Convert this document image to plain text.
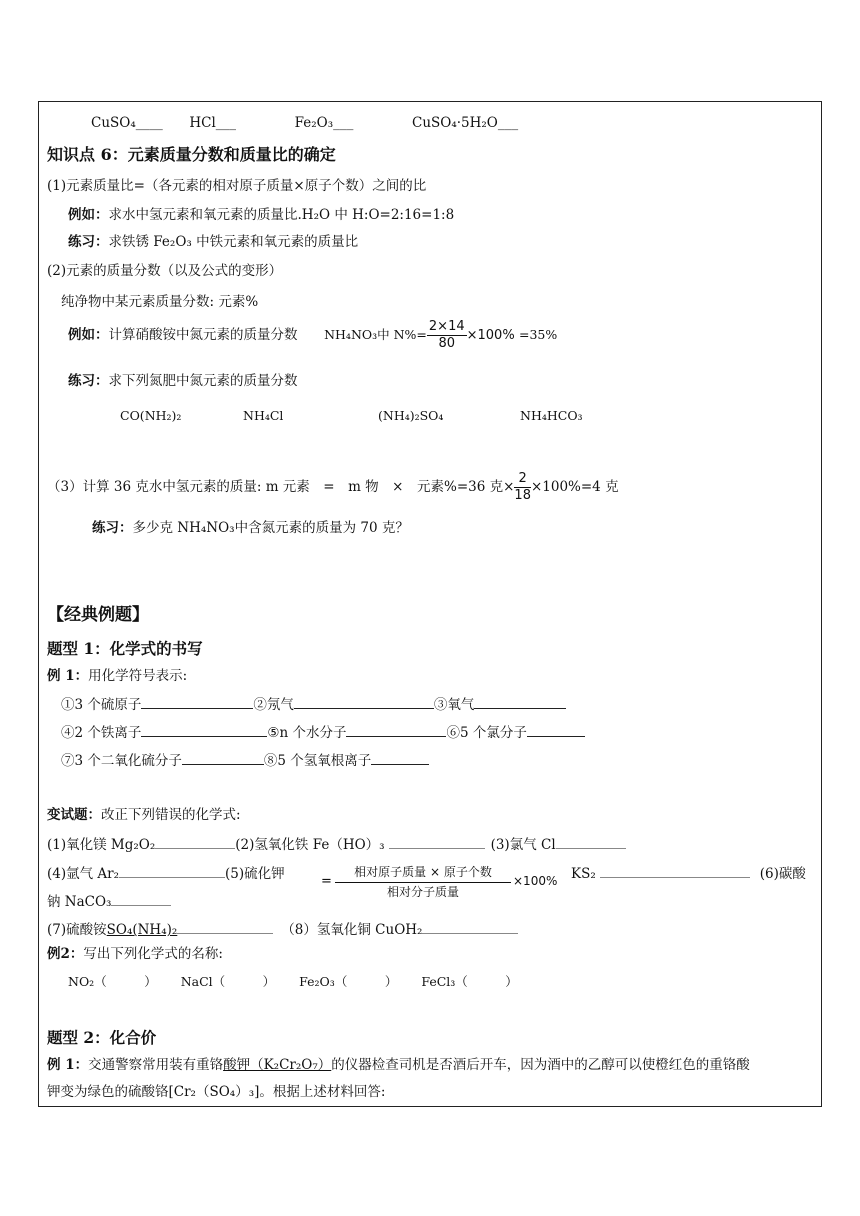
CuSO₄____ HCl___	Fe₂O₃___	CuSO₄·5H₂O___
知识点 6：元素质量分数和质量比的确定
(1)元素质量比=（各元素的相对原子质量×原子个数）之间的比
例如：求水中氢元素和氧元素的质量比.H₂O 中 H:O=2:16=1:8
练习：求铁锈 Fe₂O₃ 中铁元素和氧元素的质量比
(2)元素的质量分数（以及公式的变形）
纯净物中某元素质量分数: 元素%
例如：计算硝酸铵中氮元素的质量分数 NH₄NO₃中 $N\%= \frac{2\times 14}{80} \times 100\% =35\%$
练习：求下列氮肥中氮元素的质量分数
CO(NH₂)₂	NH₄Cl	(NH₄)₂SO₄	NH₄HCO₃
（3）计算 36 克水中氢元素的质量: m 元素　=　m 物　×　元素%=36 克× $\frac{2}{18} \times 100\%=4$ 克
练习：多少克 NH₄NO₃中含氮元素的质量为 70 克？
【经典例题】
题型 1：化学式的书写
例 1：用化学符号表示:
①3 个硫原子	②氖气	③氧气
④2 个铁离子	⑤n 个水分子	⑥5 个氯分子
⑦3 个二氧化硫分子	⑧5 个氢氧根离子
变试题：改正下列错误的化学式:
(1)氧化镁 Mg₂O₂	(2)氢氧化铁 Fe（HO）₃	(3)氯气 Cl
(4)氩气 Ar₂	(5)硫化钾	KS₂	(6)碳酸
=
相对原子质量 × 原子个数
相对分子质量
×100%
钠 NaCO₃
(7)硫酸铵SO₄(NH₄)₂	（8）氢氧化铜 CuOH₂
例2：写出下列化学式的名称:
NO₂（　　　） NaCl（　　　） Fe₂O₃（　　　） FeCl₃（　　　）
题型 2：化合价
例 1：交通警察常用装有重铬酸钾（K₂Cr₂O₇）的仪器检查司机是否酒后开车，因为酒中的乙醇可以使橙红色的重铬酸
钾变为绿色的硫酸铬[Cr₂（SO₄）₃]。根据上述材料回答:
